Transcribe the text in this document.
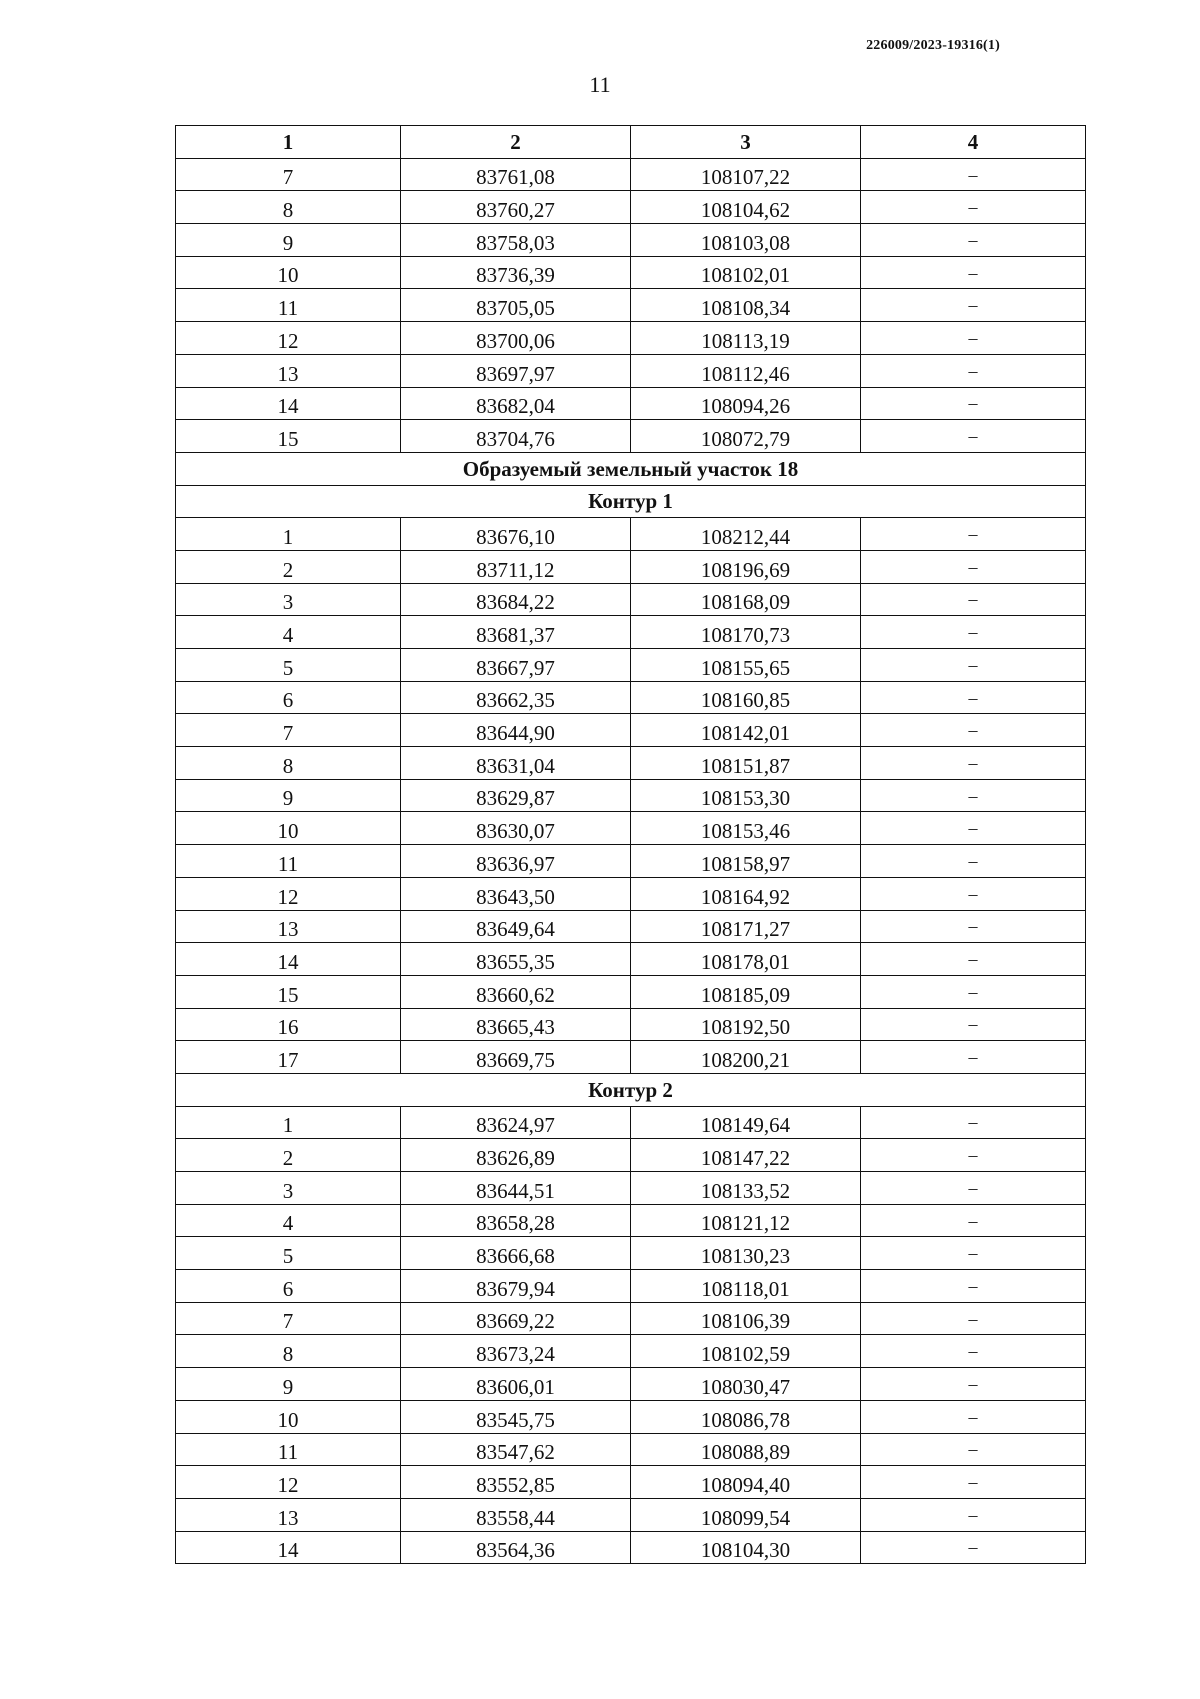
226009/2023-19316(1)
11
1	2	3	4
7	83761,08	108107,22	–
8	83760,27	108104,62	–
9	83758,03	108103,08	–
10	83736,39	108102,01	–
11	83705,05	108108,34	–
12	83700,06	108113,19	–
13	83697,97	108112,46	–
14	83682,04	108094,26	–
15	83704,76	108072,79	–
Образуемый земельный участок 18			
Контур 1			
1	83676,10	108212,44	–
2	83711,12	108196,69	–
3	83684,22	108168,09	–
4	83681,37	108170,73	–
5	83667,97	108155,65	–
6	83662,35	108160,85	–
7	83644,90	108142,01	–
8	83631,04	108151,87	–
9	83629,87	108153,30	–
10	83630,07	108153,46	–
11	83636,97	108158,97	–
12	83643,50	108164,92	–
13	83649,64	108171,27	–
14	83655,35	108178,01	–
15	83660,62	108185,09	–
16	83665,43	108192,50	–
17	83669,75	108200,21	–
Контур 2			
1	83624,97	108149,64	–
2	83626,89	108147,22	–
3	83644,51	108133,52	–
4	83658,28	108121,12	–
5	83666,68	108130,23	–
6	83679,94	108118,01	–
7	83669,22	108106,39	–
8	83673,24	108102,59	–
9	83606,01	108030,47	–
10	83545,75	108086,78	–
11	83547,62	108088,89	–
12	83552,85	108094,40	–
13	83558,44	108099,54	–
14	83564,36	108104,30	–
